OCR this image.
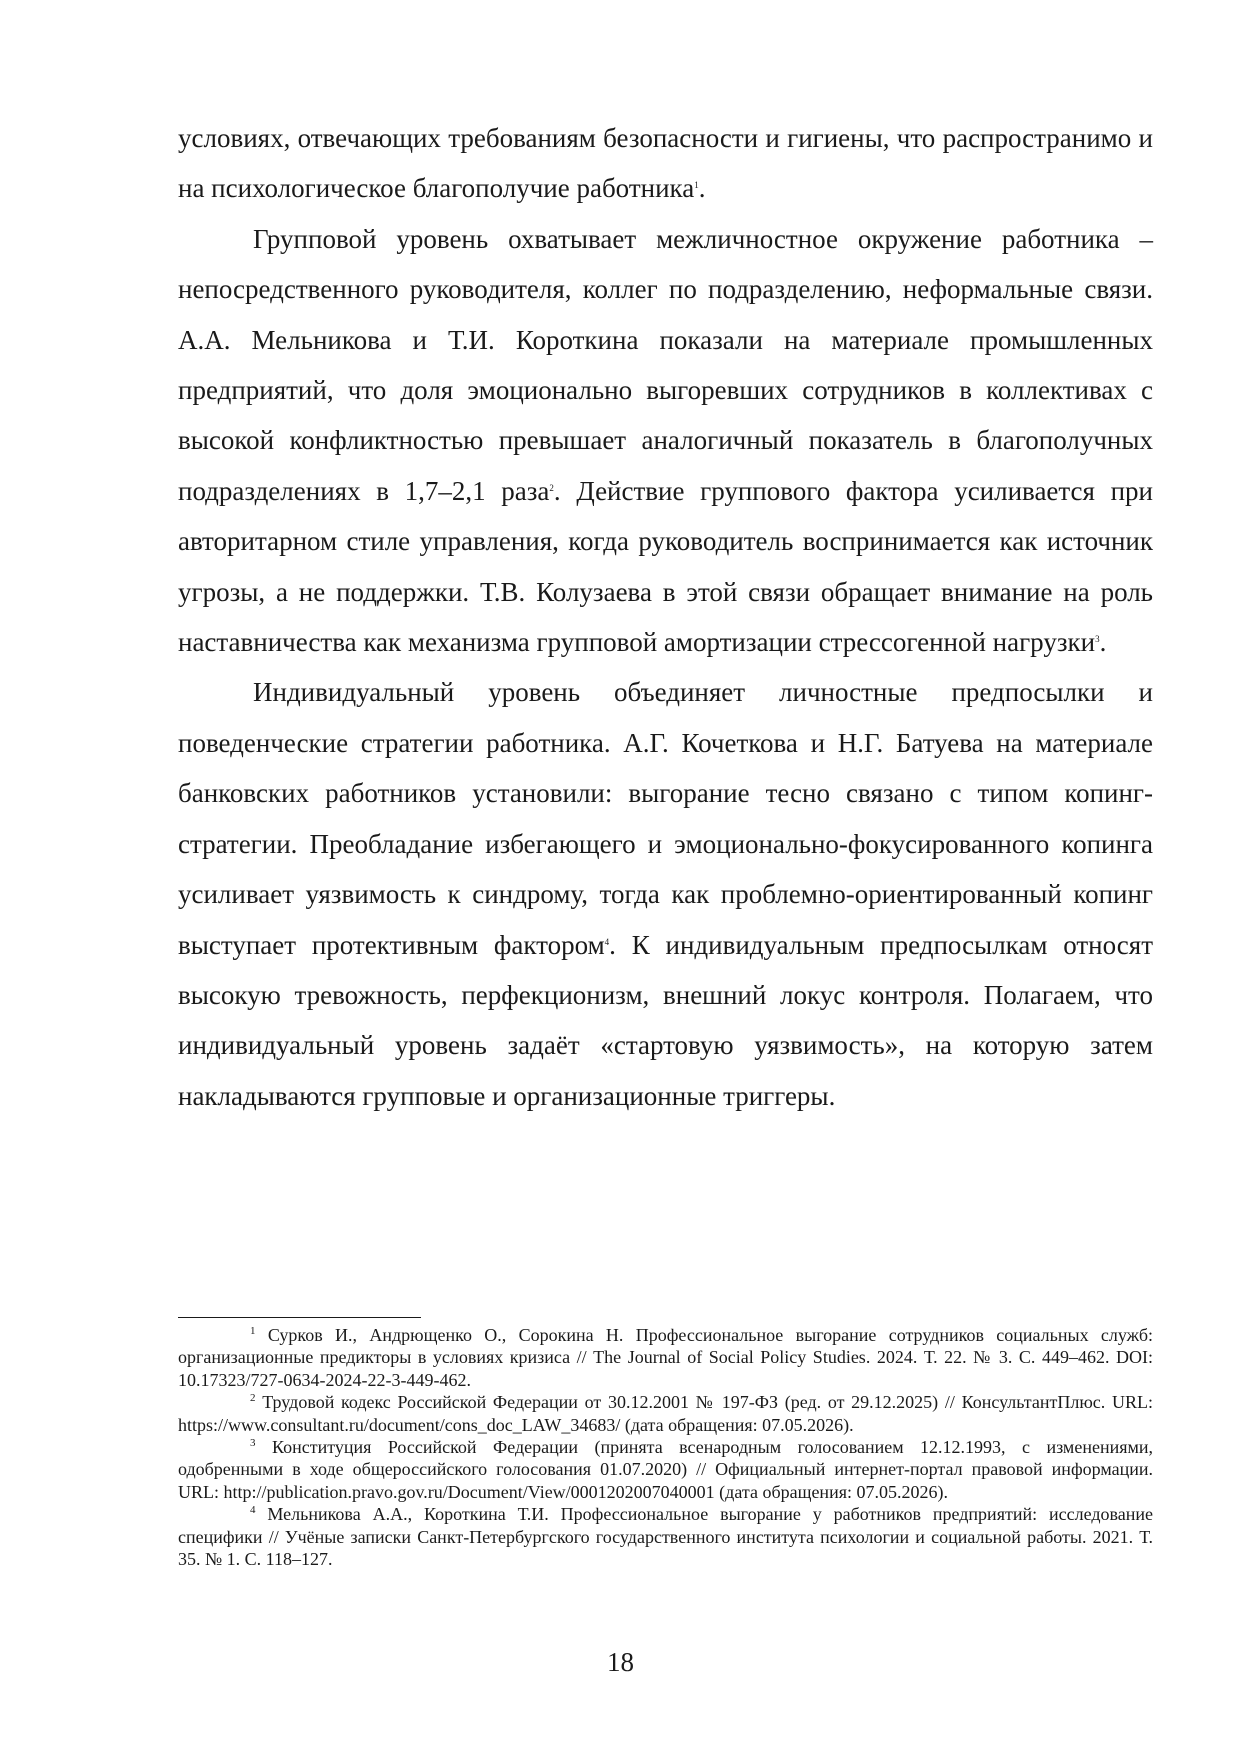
условиях, отвечающих требованиям безопасности и гигиены, что распространимо и на психологическое благополучие работника$^1$.

Групповой уровень охватывает межличностное окружение работника – непосредственного руководителя, коллег по подразделению, неформальные связи. А.А. Мельникова и Т.И. Короткина показали на материале промышленных предприятий, что доля эмоционально выгоревших сотрудников в коллективах с высокой конфликтностью превышает аналогичный показатель в благополучных подразделениях в 1,7–2,1 раза$^2$. Действие группового фактора усиливается при авторитарном стиле управления, когда руководитель воспринимается как источник угрозы, а не поддержки. Т.В. Колузаева в этой связи обращает внимание на роль наставничества как механизма групповой амортизации стрессогенной нагрузки$^3$.

Индивидуальный уровень объединяет личностные предпосылки и поведенческие стратегии работника. А.Г. Кочеткова и Н.Г. Батуева на материале банковских работников установили: выгорание тесно связано с типом копинг-стратегии. Преобладание избегающего и эмоционально-фокусированного копинга усиливает уязвимость к синдрому, тогда как проблемно-ориентированный копинг выступает протективным фактором$^4$. К индивидуальным предпосылкам относят высокую тревожность, перфекционизм, внешний локус контроля. Полагаем, что индивидуальный уровень задаёт «стартовую уязвимость», на которую затем накладываются групповые и организационные триггеры.

$^1$ Сурков И., Андрющенко О., Сорокина Н. Профессиональное выгорание сотрудников социальных служб: организационные предикторы в условиях кризиса // The Journal of Social Policy Studies. 2024. Т. 22. № 3. С. 449–462. DOI: 10.17323/727-0634-2024-22-3-449-462.

$^2$ Трудовой кодекс Российской Федерации от 30.12.2001 № 197-ФЗ (ред. от 29.12.2025) // КонсультантПлюс. URL: https://www.consultant.ru/document/cons_doc_LAW_34683/ (дата обращения: 07.05.2026).

$^3$ Конституция Российской Федерации (принята всенародным голосованием 12.12.1993, с изменениями, одобренными в ходе общероссийского голосования 01.07.2020) // Официальный интернет-портал правовой информации. URL: http://publication.pravo.gov.ru/Document/View/0001202007040001 (дата обращения: 07.05.2026).

$^4$ Мельникова А.А., Короткина Т.И. Профессиональное выгорание у работников предприятий: исследование специфики // Учёные записки Санкт-Петербургского государственного института психологии и социальной работы. 2021. Т. 35. № 1. С. 118–127.

18
